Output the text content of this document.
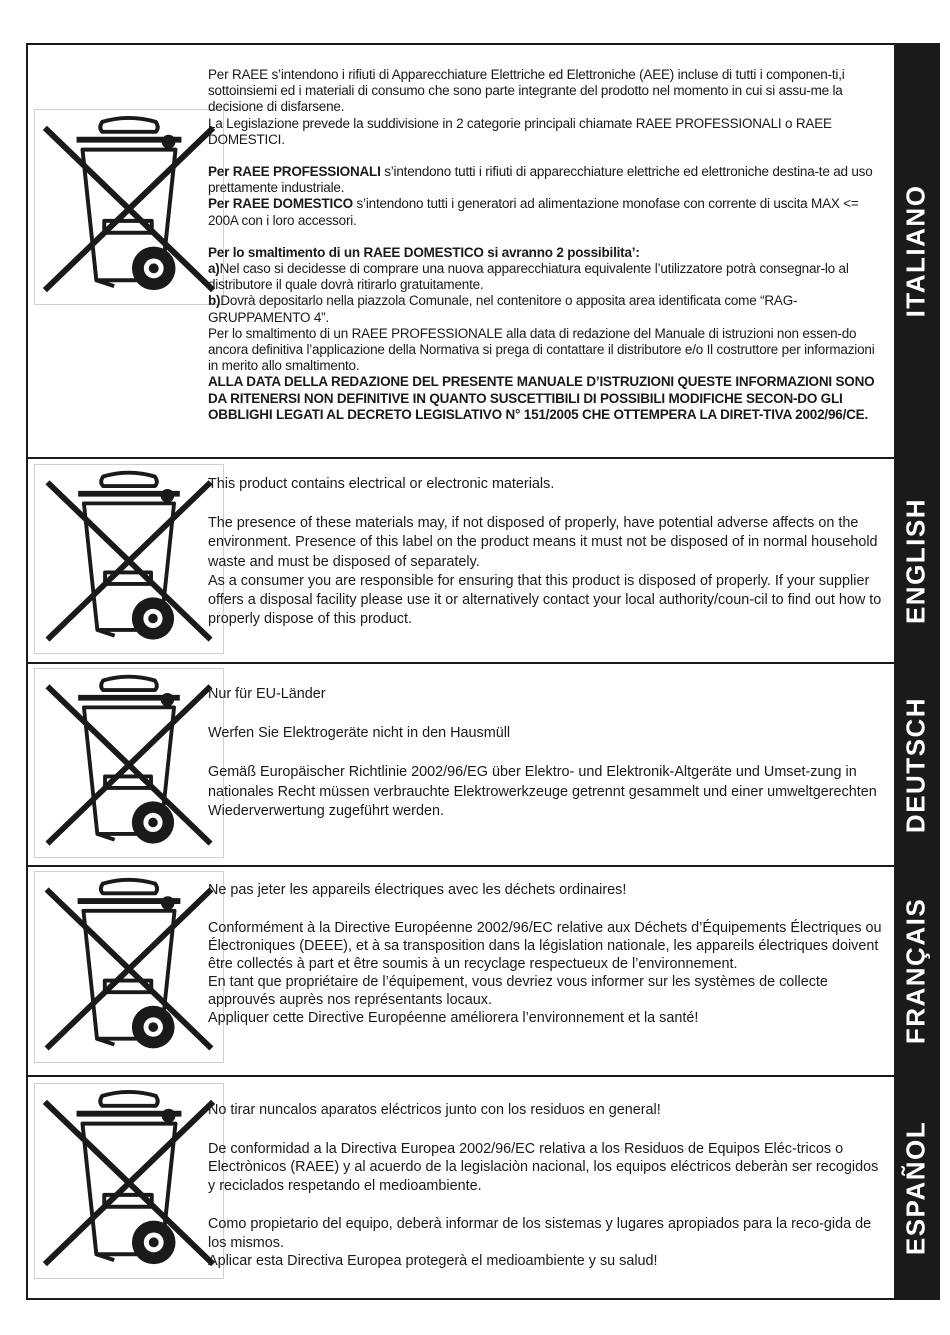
Per RAEE s’intendono i rifiuti di Apparecchiature Elettriche ed Elettroniche (AEE) incluse di tutti i componen-ti,i sottoinsiemi ed i materiali di consumo che sono parte integrante del prodotto nel momento in cui si assu-me la decisione di disfarsene.

La Legislazione prevede la suddivisione in 2 categorie principali chiamate RAEE PROFESSIONALI o RAEE DOMESTICI.

Per RAEE PROFESSIONALI s’intendono tutti i rifiuti di apparecchiature elettriche ed elettroniche destina-te ad uso prettamente industriale.

Per RAEE DOMESTICO s’intendono tutti i generatori ad alimentazione monofase con corrente di uscita MAX <= 200A con i loro accessori.

Per lo smaltimento di un RAEE DOMESTICO si avranno 2 possibilita’:

a)Nel caso si decidesse di comprare una nuova apparecchiatura equivalente l’utilizzatore potrà consegnar-lo al distributore il quale dovrà ritirarlo gratuitamente.

b)Dovrà depositarlo nella piazzola Comunale, nel contenitore o apposita area identificata come “RAG-GRUPPAMENTO 4”.

Per lo smaltimento di un RAEE PROFESSIONALE alla data di redazione del Manuale di istruzioni non essen-do ancora definitiva l’applicazione della Normativa si prega di contattare il distributore e/o Il costruttore per informazioni in merito allo smaltimento.

ALLA DATA DELLA REDAZIONE DEL PRESENTE MANUALE D’ISTRUZIONI QUESTE INFORMAZIONI SONO DA RITENERSI NON DEFINITIVE IN QUANTO SUSCETTIBILI DI POSSIBILI MODIFICHE SECON-DO GLI OBBLIGHI LEGATI AL DECRETO LEGISLATIVO N° 151/2005 CHE OTTEMPERA LA DIRET-TIVA 2002/96/CE.

ITALIANO

This product contains electrical or electronic materials.

The presence of these materials may, if not disposed of properly, have potential adverse affects on the environment. Presence of this label on the product means it must not be disposed of in normal household waste and must be disposed of separately.

As a consumer you are responsible for ensuring that this product is disposed of properly. If your supplier offers a disposal facility please use it or alternatively contact your local authority/coun-cil to find out how to properly dispose of this product.	ENGLISH

Nur für EU-Länder

Werfen Sie Elektrogeräte nicht in den Hausmüll

Gemäß Europäischer Richtlinie 2002/96/EG über Elektro- und Elektronik-Altgeräte und Umset-zung in nationales Recht müssen verbrauchte Elektrowerkzeuge getrennt gesammelt und einer umweltgerechten Wiederverwertung zugeführt werden.	DEUTSCH

Ne pas jeter les appareils électriques avec les déchets ordinaires!

Conformément à la Directive Européenne 2002/96/EC relative aux Déchets d’Équipements Électriques ou Électroniques (DEEE), et à sa transposition dans la législation nationale, les appareils électriques doivent être collectés à part et être soumis à un recyclage respectueux de l’environnement.

En tant que propriétaire de l’équipement, vous devriez vous informer sur les systèmes de collecte approuvés auprès nos représentants locaux.

Appliquer cette Directive Européenne améliorera l’environnement et la santé!	FRANÇAIS

No tirar nuncalos aparatos eléctricos junto con los residuos en general!

De conformidad a la Directiva Europea 2002/96/EC relativa a los Residuos de Equipos Eléc-tricos o Electrònicos (RAEE) y al acuerdo de la legislaciòn nacional, los equipos eléctricos deberàn ser recogidos y reciclados respetando el medioambiente.

Como propietario del equipo, deberà informar de los sistemas y lugares apropiados para la reco-gida de los mismos.

Aplicar esta Directiva Europea protegerà el medioambiente y su salud!

ESPAÑOL
